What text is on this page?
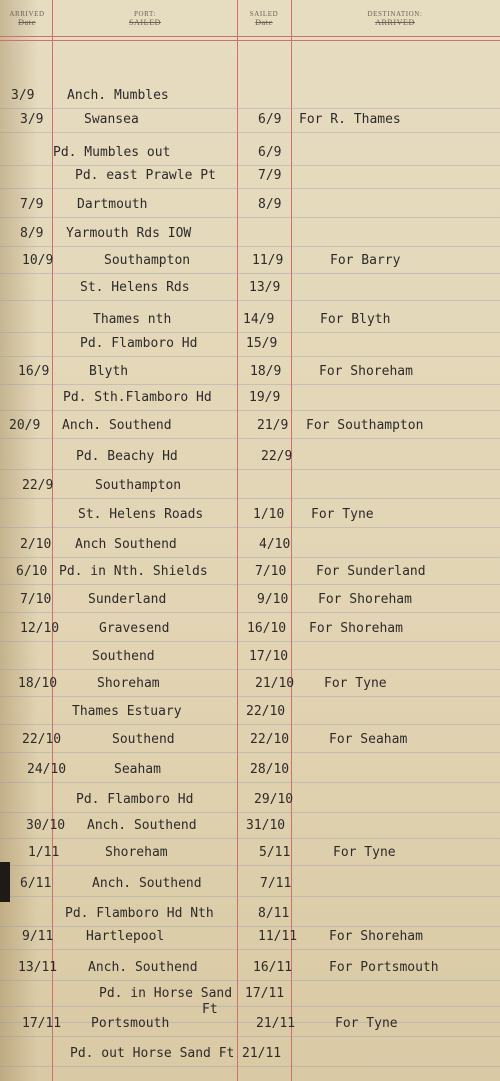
ARRIVED
Date
PORT:
SAILED
SAILED
Date
DESTINATION:
ARRIVED
3/9	Anch. Mumbles
3/9	Swansea	6/9 For R. Thames
Pd. Mumbles out	6/9
Pd. east Prawle Pt	7/9
7/9	Dartmouth	8/9
8/9 Yarmouth Rds IOW
10/9	Southampton	11/9	For Barry
St. Helens Rds	13/9
Thames nth	14/9	For Blyth
Pd. Flamboro Hd	15/9
16/9	Blyth	18/9	For Shoreham
Pd. Sth.Flamboro Hd	19/9
20/9 Anch. Southend	21/9 For Southampton
Pd. Beachy Hd	22/9
22/9	Southampton
St. Helens Roads	1/10 For Tyne
2/10 Anch Southend	4/10
6/10 Pd. in Nth. Shields	7/10 For Sunderland
7/10	Sunderland	9/10 For Shoreham
12/10	Gravesend	16/10 For Shoreham
Southend	17/10
18/10	Shoreham	21/10 For Tyne
Thames Estuary	22/10
22/10	Southend	22/10	For Seaham
24/10	Seaham	28/10
Pd. Flamboro Hd	29/10
30/10 Anch. Southend	31/10
1/11	Shoreham	5/11	For Tyne
6/11	Anch. Southend	7/11
Pd. Flamboro Hd Nth	8/11
9/11	Hartlepool	11/11 For Shoreham
13/11 Anch. Southend	16/11	For Portsmouth
Pd. in Horse Sand 17/11
Ft
17/11 Portsmouth	21/11	For Tyne
Pd. out Horse Sand Ft 21/11
